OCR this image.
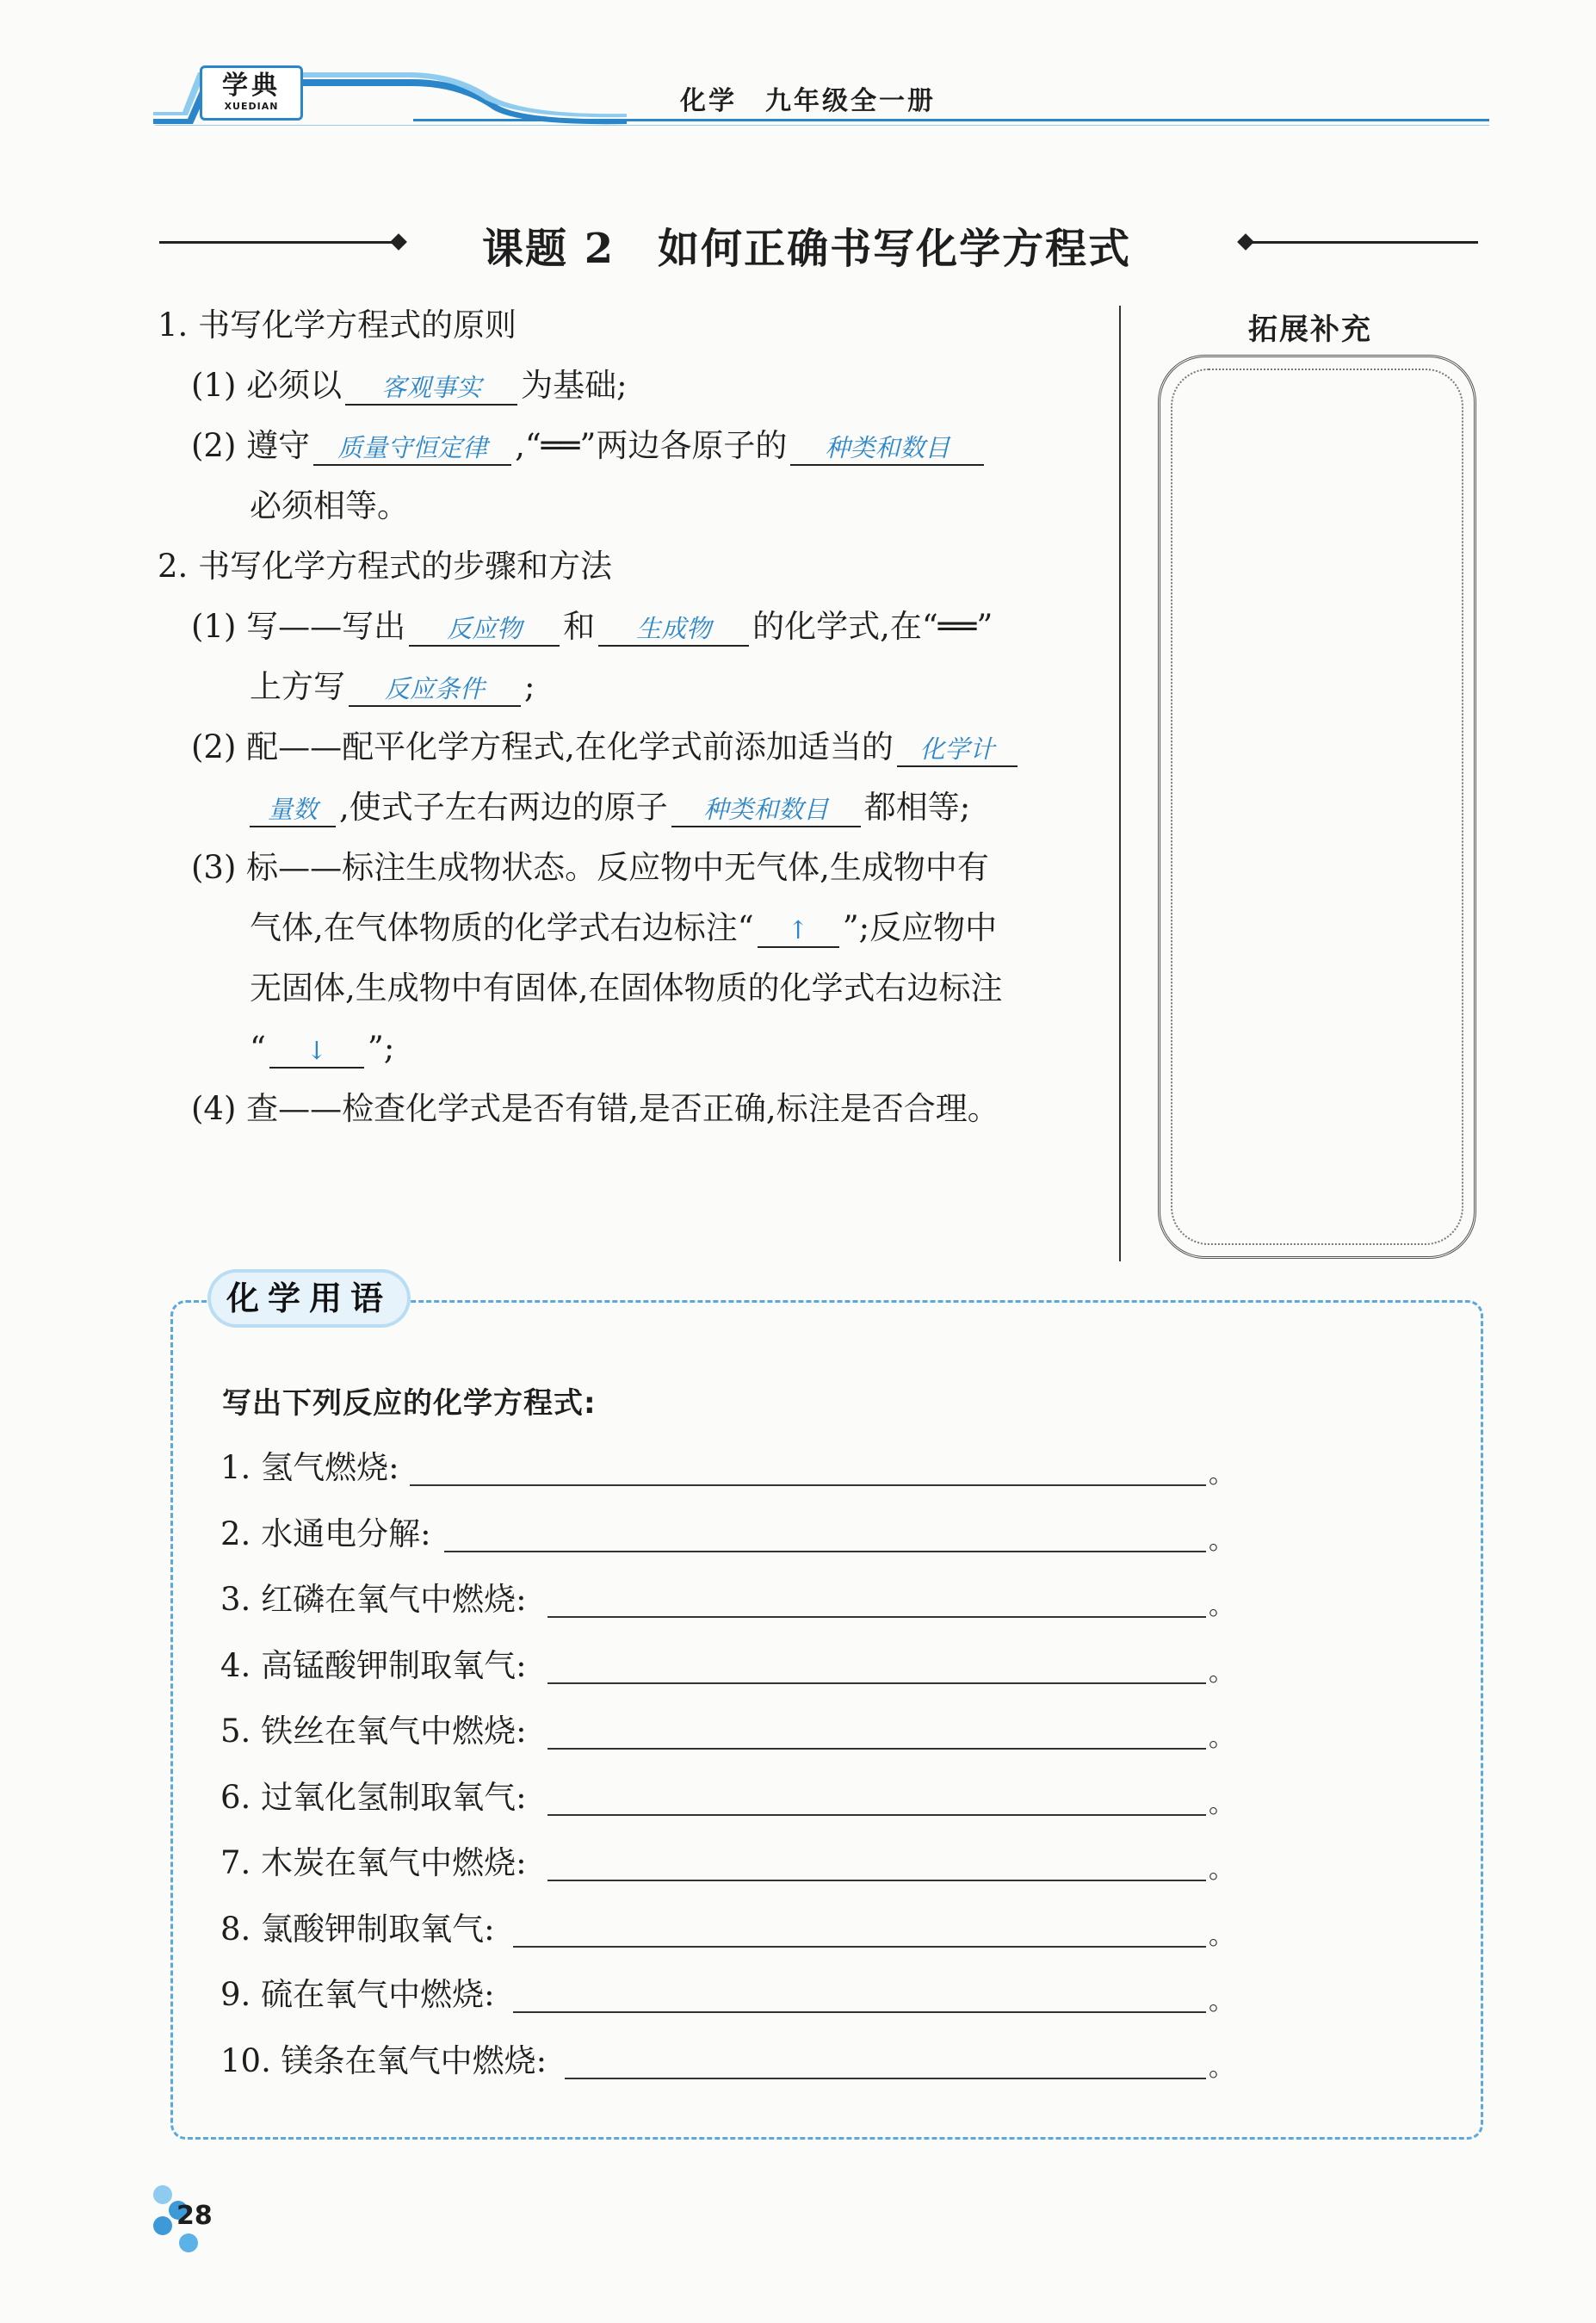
学典
XUEDIAN	化学　九年级全一册
课题 2　如何正确书写化学方程式
1. 书写化学方程式的原则
(1) 必须以 客观事实 为基础;
(2) 遵守 质量守恒定律 ,“══”两边各原子的 种类和数目
必须相等。
2. 书写化学方程式的步骤和方法
(1) 写——写出 反应物 和 生成物 的化学式,在“══”
上方写 反应条件 ;
(2) 配——配平化学方程式,在化学式前添加适当的 化学计
量数 ,使式子左右两边的原子 种类和数目 都相等;
(3) 标——标注生成物状态。反应物中无气体,生成物中有
气体,在气体物质的化学式右边标注“ ↑ ”;反应物中
无固体,生成物中有固体,在固体物质的化学式右边标注
“ ↓ ”;
(4) 查——检查化学式是否有错,是否正确,标注是否合理。
拓展补充
化学用语
写出下列反应的化学方程式:
1. 氢气燃烧:	。
2. 水通电分解:	。
3. 红磷在氧气中燃烧:	。
4. 高锰酸钾制取氧气:	。
5. 铁丝在氧气中燃烧:	。
6. 过氧化氢制取氧气:	。
7. 木炭在氧气中燃烧:	。
8. 氯酸钾制取氧气:	。
9. 硫在氧气中燃烧:	。
10. 镁条在氧气中燃烧:	。
28
